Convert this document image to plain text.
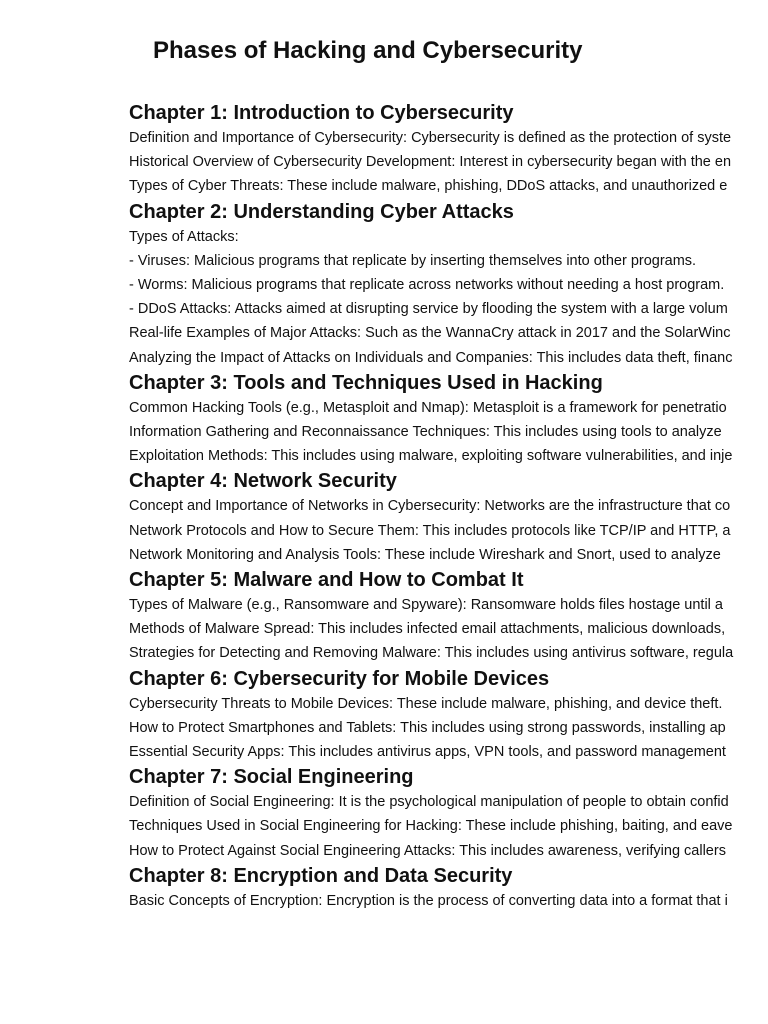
Phases of Hacking and Cybersecurity
Chapter 1: Introduction to Cybersecurity

Definition and Importance of Cybersecurity: Cybersecurity is defined as the protection of syste

Historical Overview of Cybersecurity Development: Interest in cybersecurity began with the en

Types of Cyber Threats: These include malware, phishing, DDoS attacks, and unauthorized e

Chapter 2: Understanding Cyber Attacks

Types of Attacks:

- Viruses: Malicious programs that replicate by inserting themselves into other programs.

- Worms: Malicious programs that replicate across networks without needing a host program.

- DDoS Attacks: Attacks aimed at disrupting service by flooding the system with a large volum

Real-life Examples of Major Attacks: Such as the WannaCry attack in 2017 and the SolarWinc

Analyzing the Impact of Attacks on Individuals and Companies: This includes data theft, financ

Chapter 3: Tools and Techniques Used in Hacking

Common Hacking Tools (e.g., Metasploit and Nmap): Metasploit is a framework for penetratio

Information Gathering and Reconnaissance Techniques: This includes using tools to analyze

Exploitation Methods: This includes using malware, exploiting software vulnerabilities, and inje

Chapter 4: Network Security

Concept and Importance of Networks in Cybersecurity: Networks are the infrastructure that co

Network Protocols and How to Secure Them: This includes protocols like TCP/IP and HTTP, a

Network Monitoring and Analysis Tools: These include Wireshark and Snort, used to analyze

Chapter 5: Malware and How to Combat It

Types of Malware (e.g., Ransomware and Spyware): Ransomware holds files hostage until a

Methods of Malware Spread: This includes infected email attachments, malicious downloads,

Strategies for Detecting and Removing Malware: This includes using antivirus software, regula

Chapter 6: Cybersecurity for Mobile Devices

Cybersecurity Threats to Mobile Devices: These include malware, phishing, and device theft.

How to Protect Smartphones and Tablets: This includes using strong passwords, installing ap

Essential Security Apps: This includes antivirus apps, VPN tools, and password management

Chapter 7: Social Engineering

Definition of Social Engineering: It is the psychological manipulation of people to obtain confid

Techniques Used in Social Engineering for Hacking: These include phishing, baiting, and eave

How to Protect Against Social Engineering Attacks: This includes awareness, verifying callers

Chapter 8: Encryption and Data Security

Basic Concepts of Encryption: Encryption is the process of converting data into a format that i
